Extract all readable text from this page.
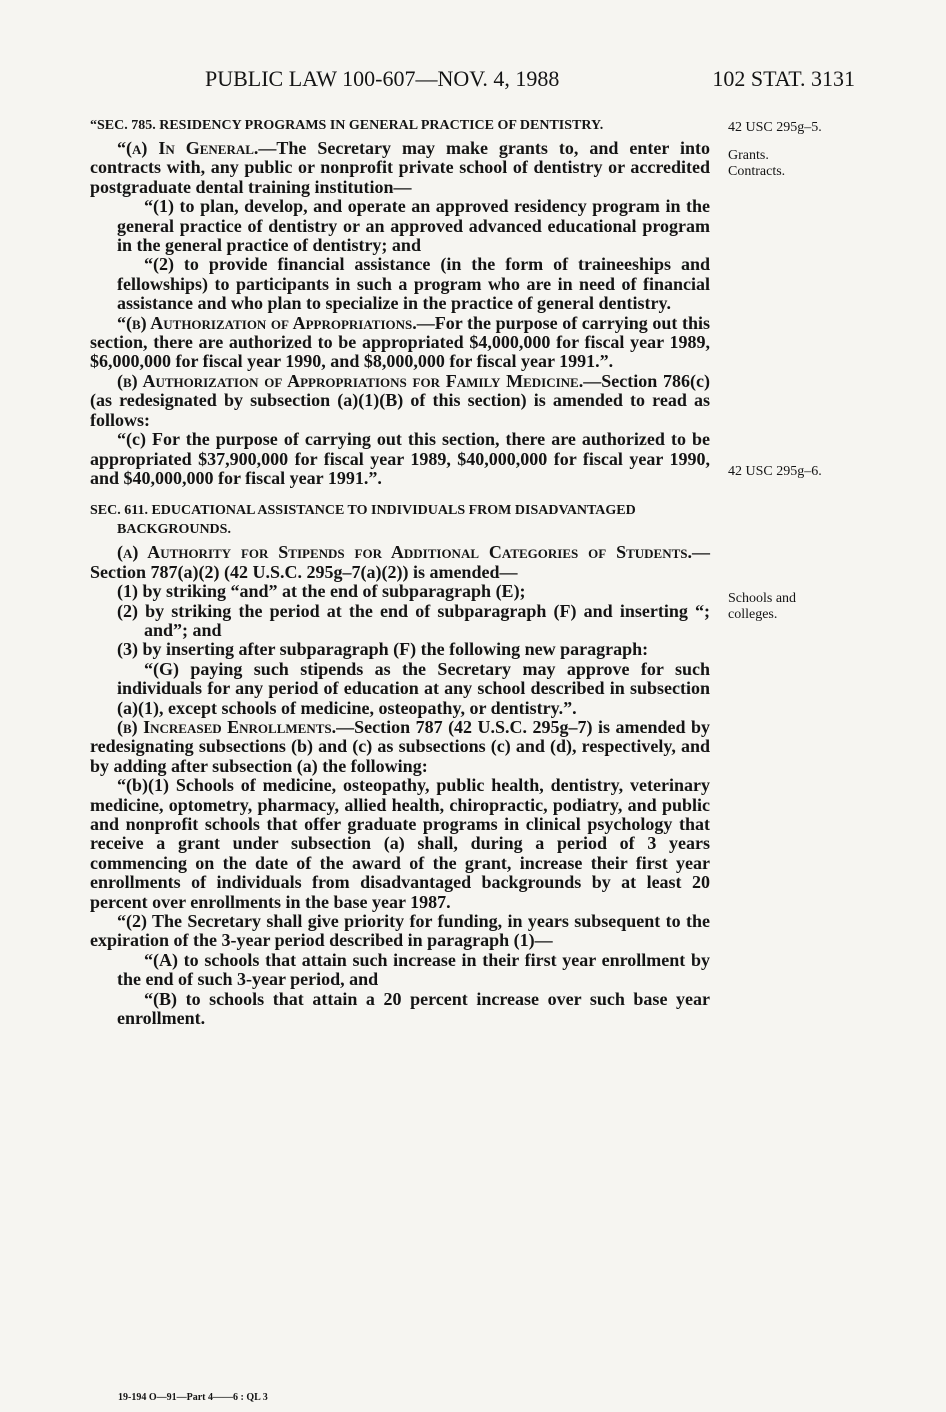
PUBLIC LAW 100-607—NOV. 4, 1988	102 STAT. 3131
42 USC 295g–5.
Grants.
Contracts.
42 USC 295g–6.
Schools and colleges.

“SEC. 785. RESIDENCY PROGRAMS IN GENERAL PRACTICE OF DENTISTRY.

“(a) In General.—The Secretary may make grants to, and enter into contracts with, any public or nonprofit private school of dentistry or accredited postgraduate dental training institution—

“(1) to plan, develop, and operate an approved residency program in the general practice of dentistry or an approved advanced educational program in the general practice of dentistry; and

“(2) to provide financial assistance (in the form of traineeships and fellowships) to participants in such a program who are in need of financial assistance and who plan to specialize in the practice of general dentistry.

“(b) Authorization of Appropriations.—For the purpose of carrying out this section, there are authorized to be appropriated $4,000,000 for fiscal year 1989, $6,000,000 for fiscal year 1990, and $8,000,000 for fiscal year 1991.”.

(b) Authorization of Appropriations for Family Medicine.—Section 786(c) (as redesignated by subsection (a)(1)(B) of this section) is amended to read as follows:

“(c) For the purpose of carrying out this section, there are authorized to be appropriated $37,900,000 for fiscal year 1989, $40,000,000 for fiscal year 1990, and $40,000,000 for fiscal year 1991.”.

SEC. 611. EDUCATIONAL ASSISTANCE TO INDIVIDUALS FROM DISADVANTAGED BACKGROUNDS.

(a) Authority for Stipends for Additional Categories of Students.—Section 787(a)(2) (42 U.S.C. 295g–7(a)(2)) is amended—

(1) by striking “and” at the end of subparagraph (E);

(2) by striking the period at the end of subparagraph (F) and inserting “; and”; and

(3) by inserting after subparagraph (F) the following new paragraph:

“(G) paying such stipends as the Secretary may approve for such individuals for any period of education at any school described in subsection (a)(1), except schools of medicine, osteopathy, or dentistry.”.

(b) Increased Enrollments.—Section 787 (42 U.S.C. 295g–7) is amended by redesignating subsections (b) and (c) as subsections (c) and (d), respectively, and by adding after subsection (a) the following:

“(b)(1) Schools of medicine, osteopathy, public health, dentistry, veterinary medicine, optometry, pharmacy, allied health, chiropractic, podiatry, and public and nonprofit schools that offer graduate programs in clinical psychology that receive a grant under subsection (a) shall, during a period of 3 years commencing on the date of the award of the grant, increase their first year enrollments of individuals from disadvantaged backgrounds by at least 20 percent over enrollments in the base year 1987.

“(2) The Secretary shall give priority for funding, in years subsequent to the expiration of the 3-year period described in paragraph (1)—

“(A) to schools that attain such increase in their first year enrollment by the end of such 3-year period, and

“(B) to schools that attain a 20 percent increase over such base year enrollment.

19-194 O—91—Part 4——6 : QL 3
